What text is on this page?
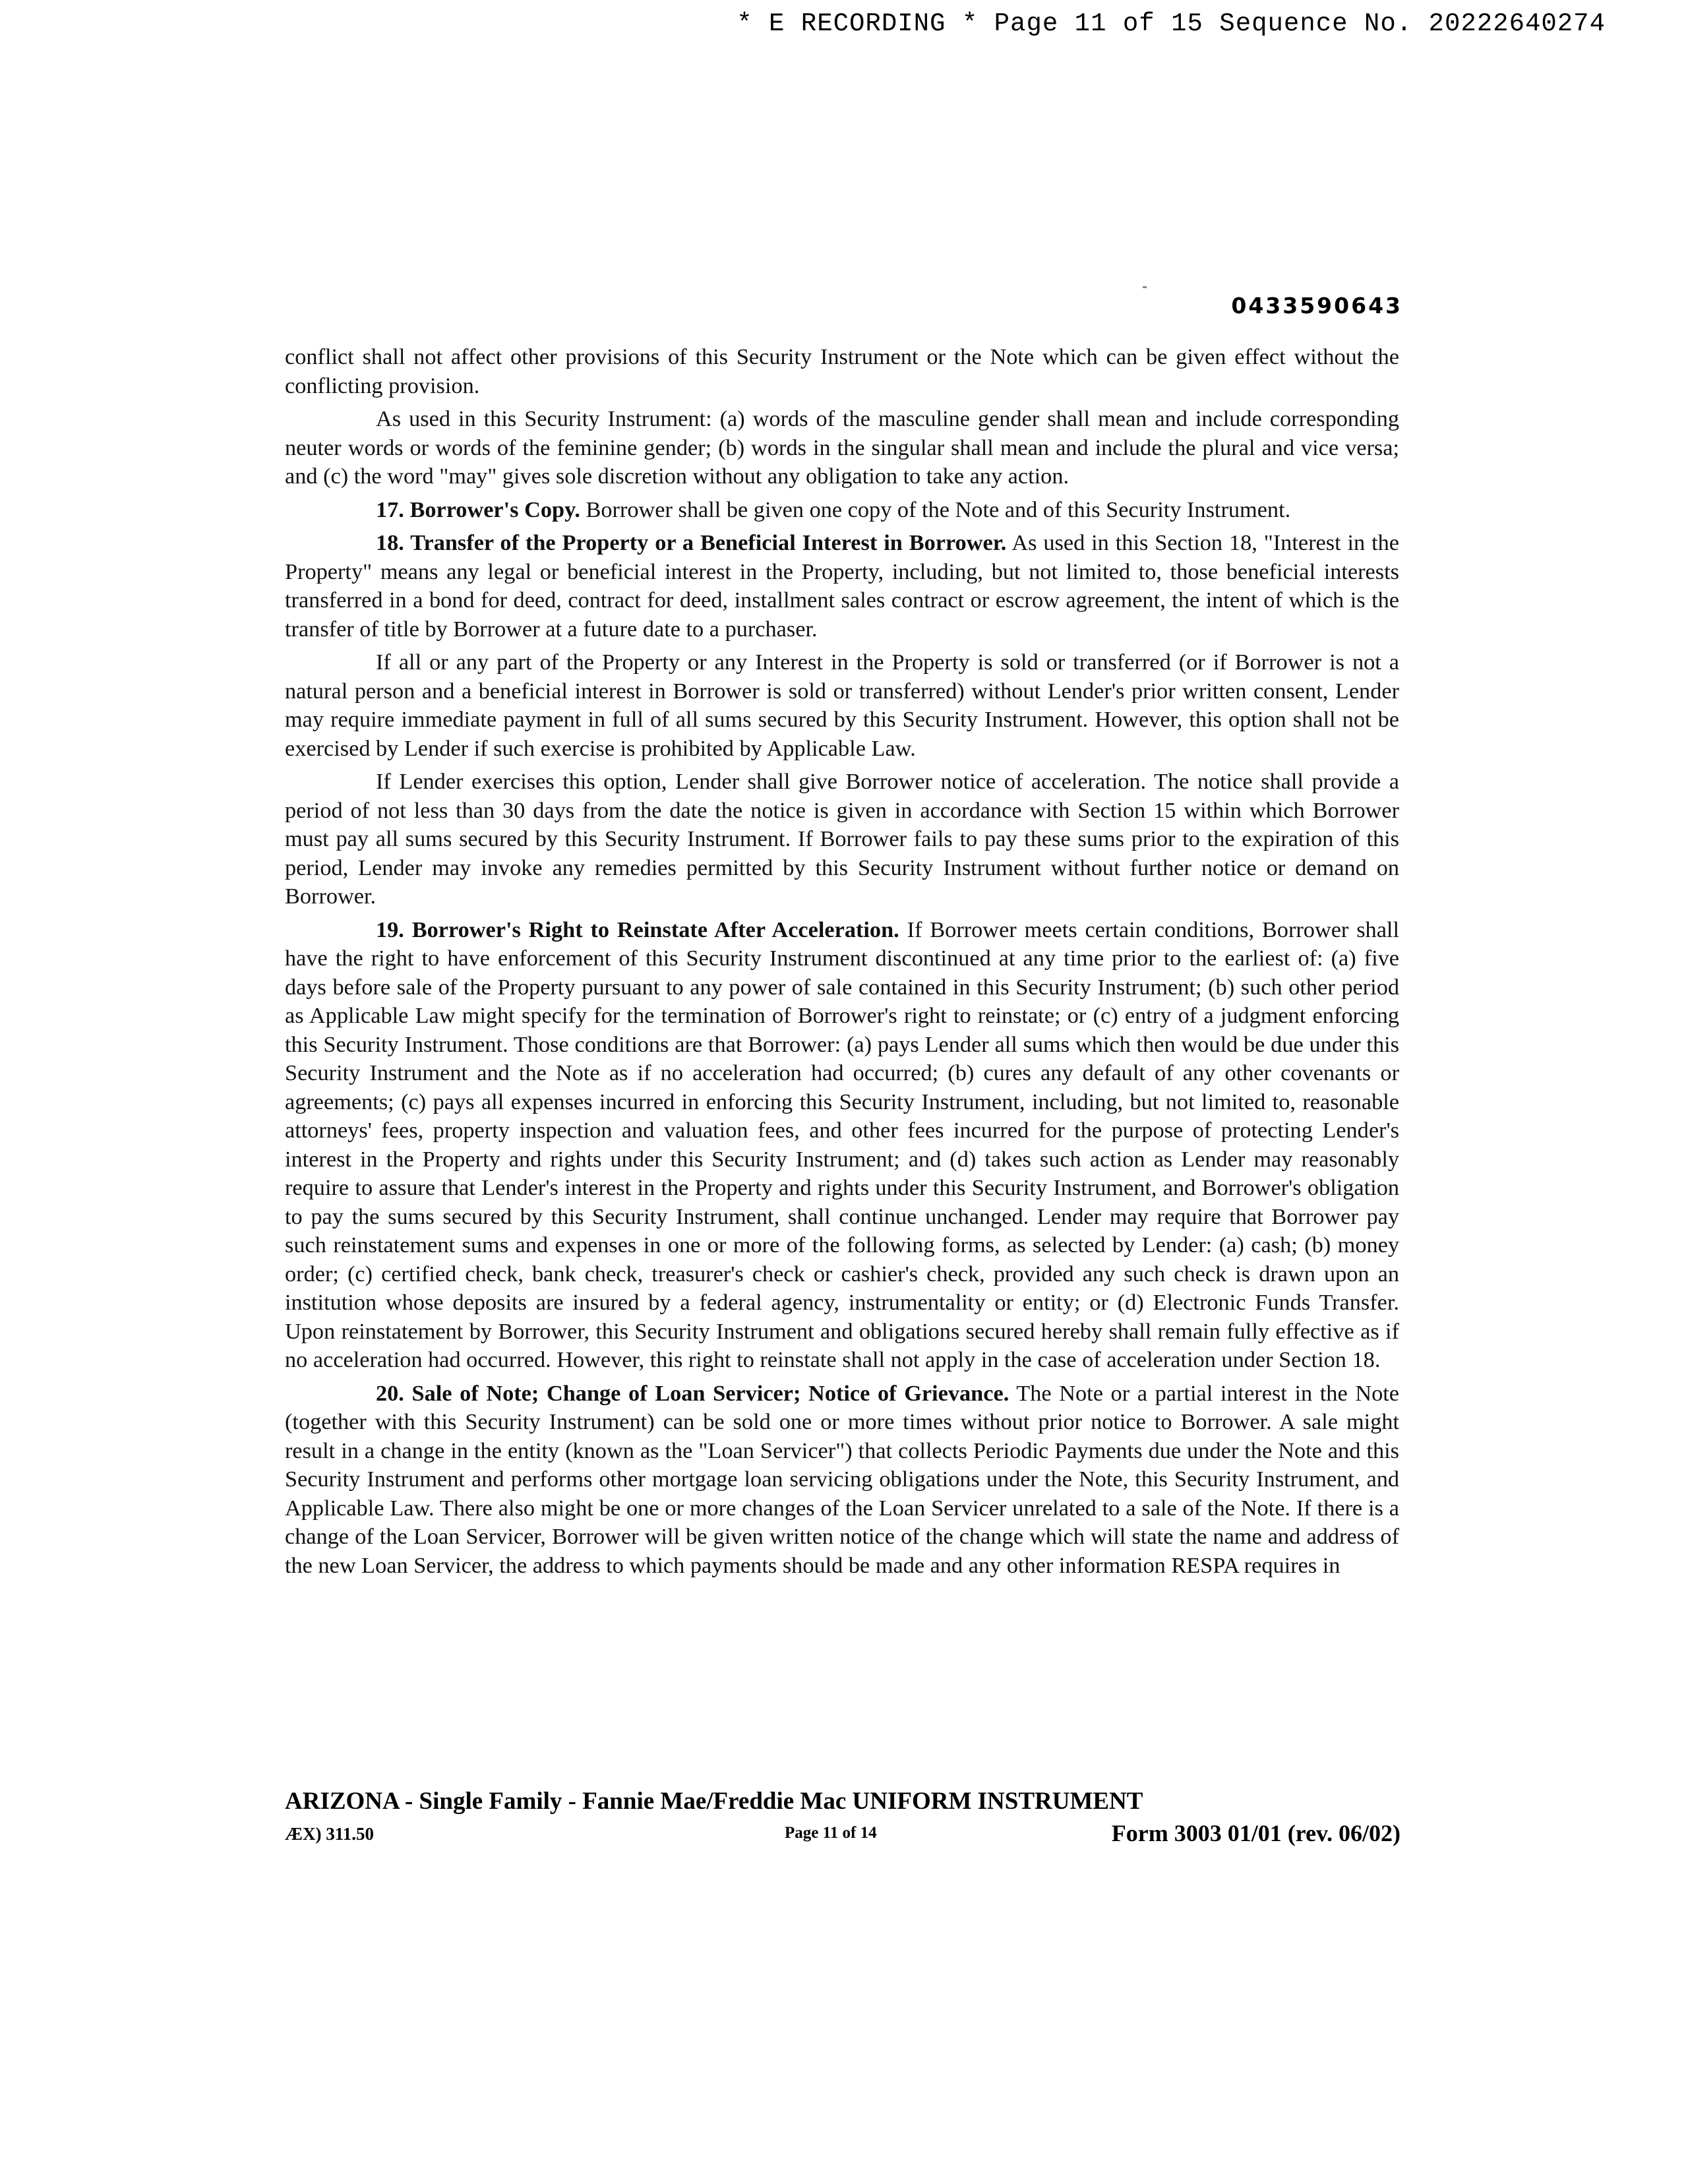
* E RECORDING * Page 11 of 15 Sequence No. 20222640274
0433590643

conflict shall not affect other provisions of this Security Instrument or the Note which can be given effect without the conflicting provision.

As used in this Security Instrument: (a) words of the masculine gender shall mean and include corresponding neuter words or words of the feminine gender; (b) words in the singular shall mean and include the plural and vice versa; and (c) the word "may" gives sole discretion without any obligation to take any action.

17. Borrower's Copy. Borrower shall be given one copy of the Note and of this Security Instrument.

18. Transfer of the Property or a Beneficial Interest in Borrower. As used in this Section 18, "Interest in the Property" means any legal or beneficial interest in the Property, including, but not limited to, those beneficial interests transferred in a bond for deed, contract for deed, installment sales contract or escrow agreement, the intent of which is the transfer of title by Borrower at a future date to a purchaser.

If all or any part of the Property or any Interest in the Property is sold or transferred (or if Borrower is not a natural person and a beneficial interest in Borrower is sold or transferred) without Lender's prior written consent, Lender may require immediate payment in full of all sums secured by this Security Instrument. However, this option shall not be exercised by Lender if such exercise is prohibited by Applicable Law.

If Lender exercises this option, Lender shall give Borrower notice of acceleration. The notice shall provide a period of not less than 30 days from the date the notice is given in accordance with Section 15 within which Borrower must pay all sums secured by this Security Instrument. If Borrower fails to pay these sums prior to the expiration of this period, Lender may invoke any remedies permitted by this Security Instrument without further notice or demand on Borrower.

19. Borrower's Right to Reinstate After Acceleration. If Borrower meets certain conditions, Borrower shall have the right to have enforcement of this Security Instrument discontinued at any time prior to the earliest of: (a) five days before sale of the Property pursuant to any power of sale contained in this Security Instrument; (b) such other period as Applicable Law might specify for the termination of Borrower's right to reinstate; or (c) entry of a judgment enforcing this Security Instrument. Those conditions are that Borrower: (a) pays Lender all sums which then would be due under this Security Instrument and the Note as if no acceleration had occurred; (b) cures any default of any other covenants or agreements; (c) pays all expenses incurred in enforcing this Security Instrument, including, but not limited to, reasonable attorneys' fees, property inspection and valuation fees, and other fees incurred for the purpose of protecting Lender's interest in the Property and rights under this Security Instrument; and (d) takes such action as Lender may reasonably require to assure that Lender's interest in the Property and rights under this Security Instrument, and Borrower's obligation to pay the sums secured by this Security Instrument, shall continue unchanged. Lender may require that Borrower pay such reinstatement sums and expenses in one or more of the following forms, as selected by Lender: (a) cash; (b) money order; (c) certified check, bank check, treasurer's check or cashier's check, provided any such check is drawn upon an institution whose deposits are insured by a federal agency, instrumentality or entity; or (d) Electronic Funds Transfer. Upon reinstatement by Borrower, this Security Instrument and obligations secured hereby shall remain fully effective as if no acceleration had occurred. However, this right to reinstate shall not apply in the case of acceleration under Section 18.

20. Sale of Note; Change of Loan Servicer; Notice of Grievance. The Note or a partial interest in the Note (together with this Security Instrument) can be sold one or more times without prior notice to Borrower. A sale might result in a change in the entity (known as the "Loan Servicer") that collects Periodic Payments due under the Note and this Security Instrument and performs other mortgage loan servicing obligations under the Note, this Security Instrument, and Applicable Law. There also might be one or more changes of the Loan Servicer unrelated to a sale of the Note. If there is a change of the Loan Servicer, Borrower will be given written notice of the change which will state the name and address of the new Loan Servicer, the address to which payments should be made and any other information RESPA requires in

ARIZONA - Single Family - Fannie Mae/Freddie Mac UNIFORM INSTRUMENT
ÆX) 311.50	Page 11 of 14	Form 3003 01/01 (rev. 06/02)
